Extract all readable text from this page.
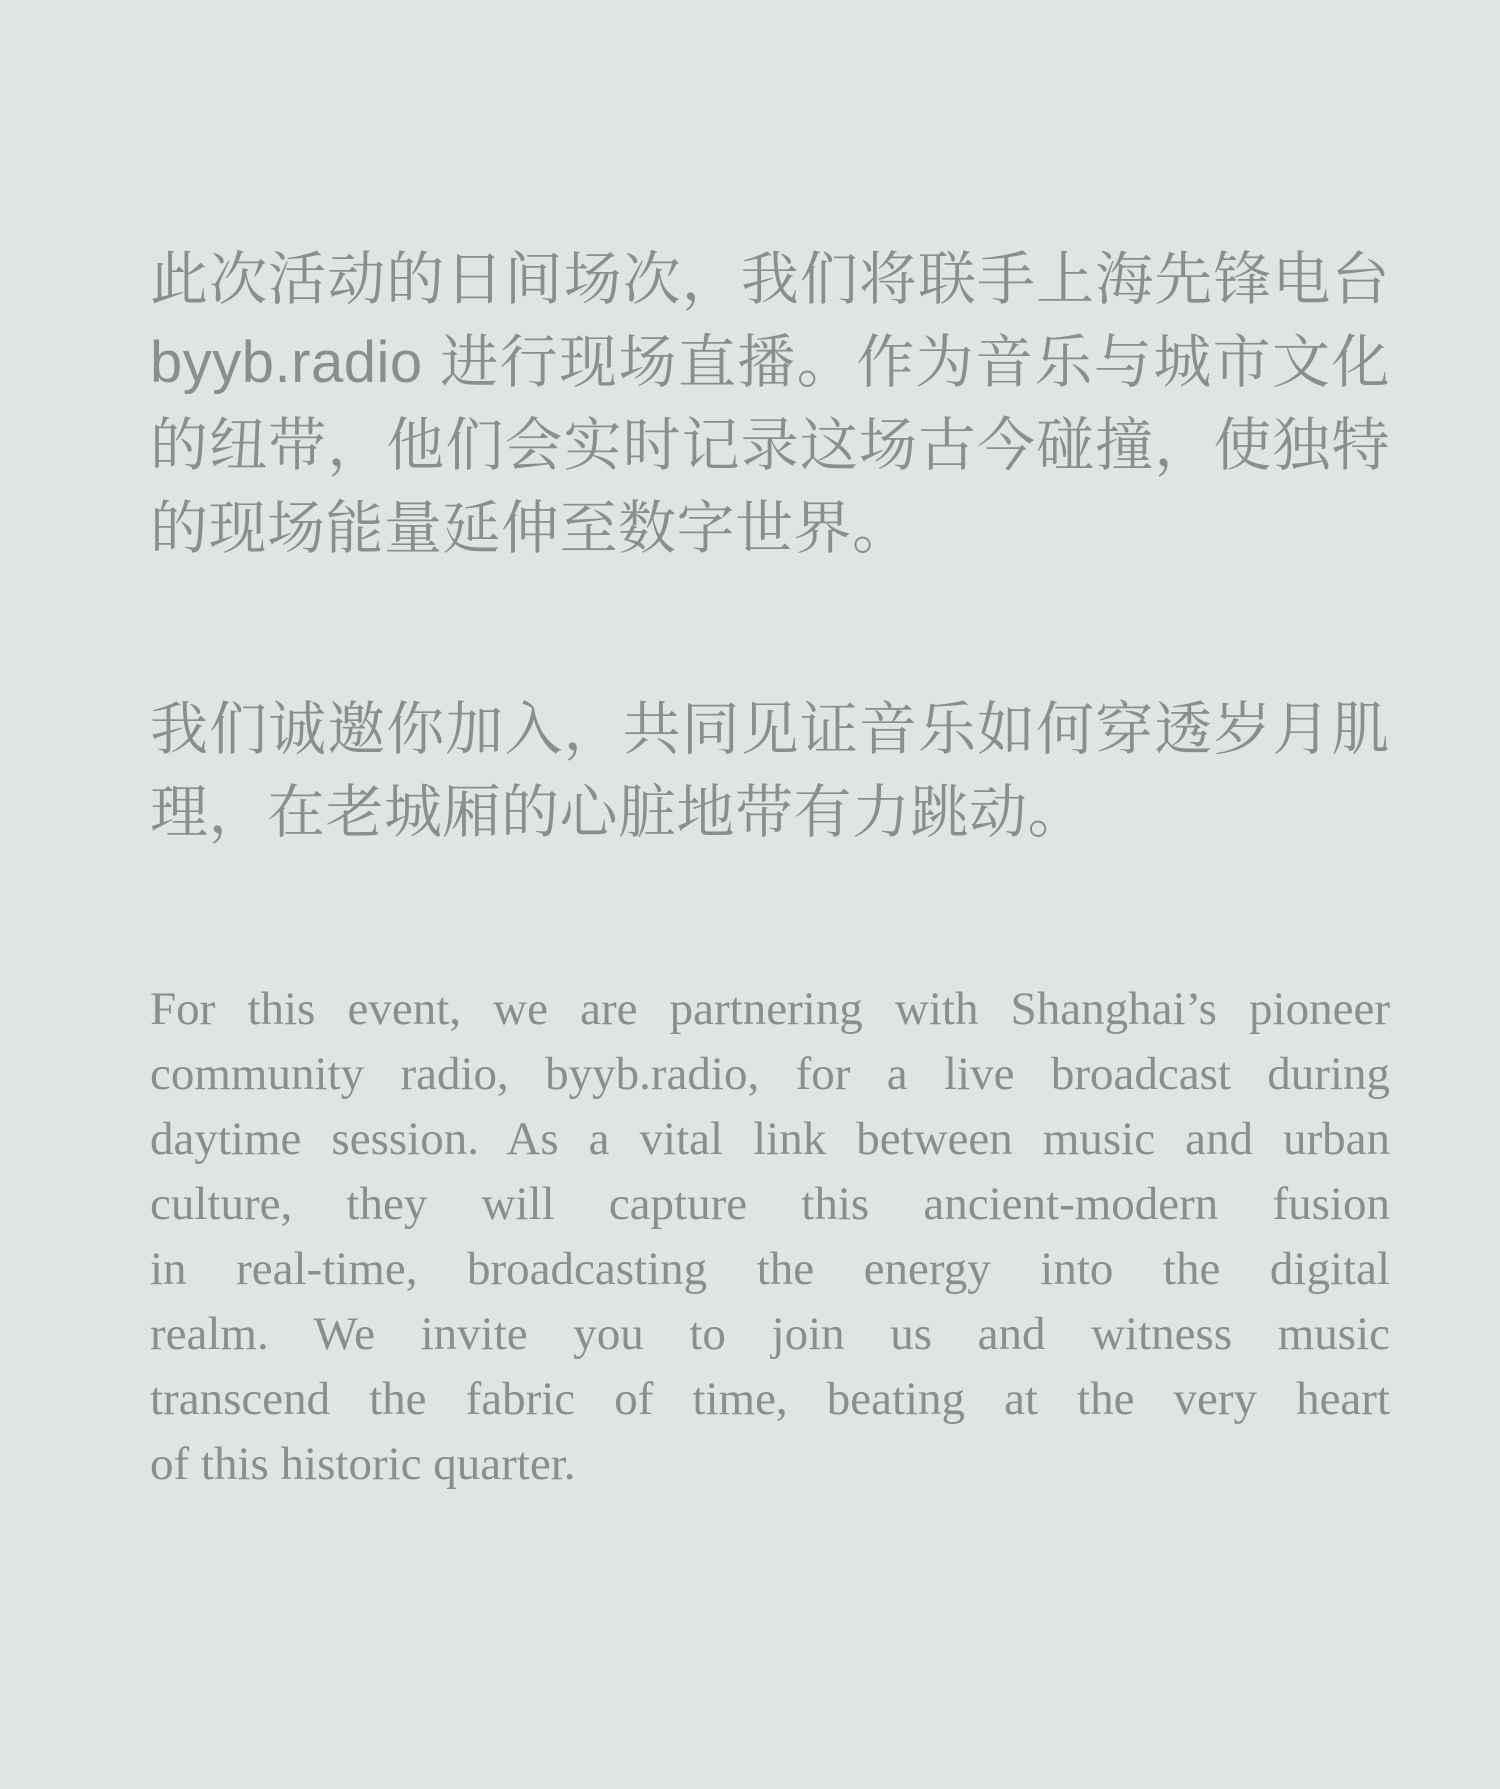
此次活动的日间场次，我们将联手上海先锋电台
byyb.radio 进行现场直播。作为音乐与城市文化
的纽带，他们会实时记录这场古今碰撞，使独特
的现场能量延伸至数字世界。

我们诚邀你加入，共同见证音乐如何穿透岁月肌
理，在老城厢的心脏地带有力跳动。

For this event, we are partnering with Shanghai’s pioneer
community radio, byyb.radio, for a live broadcast during
daytime session. As a vital link between music and urban
culture, they will capture this ancient-modern fusion
in real-time, broadcasting the energy into the digital
realm. We invite you to join us and witness music
transcend the fabric of time, beating at the very heart
of this historic quarter.
